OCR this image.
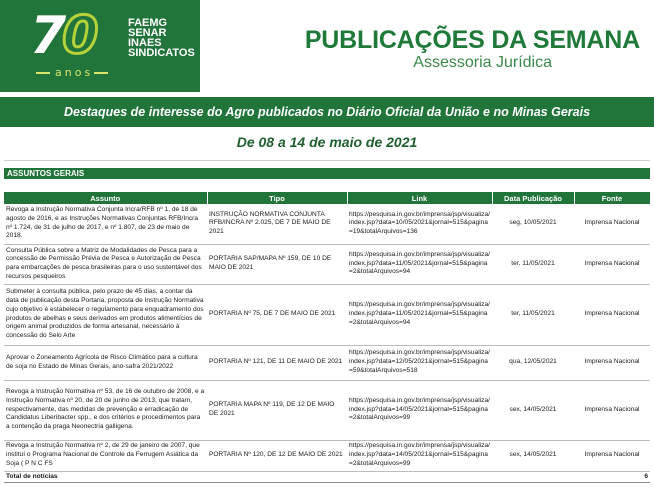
70
anos
FAEMG
SENAR
INAES
SINDICATOS	PUBLICAÇÕES DA SEMANA
Assessoria Jurídica
Destaques de interesse do Agro publicados no Diário Oficial da União e no Minas Gerais
De 08 a 14 de maio de 2021
ASSUNTOS GERAIS
Assunto	Tipo	Link	Data Publicação	Fonte
Revoga a Instrução Normativa Conjunta Incra/RFB nº 1, de 18 de agosto de 2016, e as Instruções Normativas Conjuntas RFB/Incra nº 1.724, de 31 de julho de 2017, e nº 1.807, de 23 de maio de 2018.	INSTRUÇÃO NORMATIVA CONJUNTA RFB/INCRA Nº 2.025, DE 7 DE MAIO DE 2021	https://pesquisa.in.gov.br/imprensa/jsp/visualiza/index.jsp?data=10/05/2021&jornal=515&pagina=19&totalArquivos=136	seg, 10/05/2021	Imprensa Nacional
Consulta Pública sobre a Matriz de Modalidades de Pesca para a concessão de Permissão Prévia de Pesca e Autorização de Pesca para embarcações de pesca brasileiras para o uso sustentável dos recursos pesqueiros	PORTARIA SAP/MAPA Nº 159, DE 10 DE MAIO DE 2021	https://pesquisa.in.gov.br/imprensa/jsp/visualiza/index.jsp?data=11/05/2021&jornal=515&pagina=2&totalArquivos=94	ter, 11/05/2021	Imprensa Nacional
Submeter à consulta pública, pelo prazo de 45 dias, a contar da data de publicação desta Portaria, proposta de Instrução Normativa cujo objetivo é estabelecer o regulamento para enquadramento dos produtos de abelhas e seus derivados em produtos alimentícios de origem animal produzidos de forma artesanal, necessário à concessão do Selo Arte	PORTARIA Nº 75, DE 7 DE MAIO DE 2021	https://pesquisa.in.gov.br/imprensa/jsp/visualiza/index.jsp?data=11/05/2021&jornal=515&pagina=2&totalArquivos=94	ter, 11/05/2021	Imprensa Nacional
Aprovar o Zoneamento Agrícola de Risco Climático para a cultura de soja no Estado de Minas Gerais, ano-safra 2021/2022	PORTARIA Nº 121, DE 11 DE MAIO DE 2021	https://pesquisa.in.gov.br/imprensa/jsp/visualiza/index.jsp?data=12/05/2021&jornal=515&pagina=59&totalArquivos=518	qua, 12/05/2021	Imprensa Nacional
Revoga a Instrução Normativa nº 53, de 16 de outubro de 2008, e a Instrução Normativa nº 20, de 20 de junho de 2013, que tratam, respectivamente, das medidas de prevenção e erradicação de Candidatus Liberibacter spp., e dos critérios e procedimentos para a contenção da praga Neonectria galligena.	PORTARIA MAPA Nº 119, DE 12 DE MAIO DE 2021	https://pesquisa.in.gov.br/imprensa/jsp/visualiza/index.jsp?data=14/05/2021&jornal=515&pagina=2&totalArquivos=99	sex, 14/05/2021	Imprensa Nacional
Revoga a Instrução Normativa nº 2, de 29 de janeiro de 2007, que instituí o Programa Nacional de Controle da Ferrugem Asiática da Soja ( P N C FS	PORTARIA Nº 120, DE 12 DE MAIO DE 2021	https://pesquisa.in.gov.br/imprensa/jsp/visualiza/index.jsp?data=14/05/2021&jornal=515&pagina=2&totalArquivos=99	sex, 14/05/2021	Imprensa Nacional
Total de notícias				6
